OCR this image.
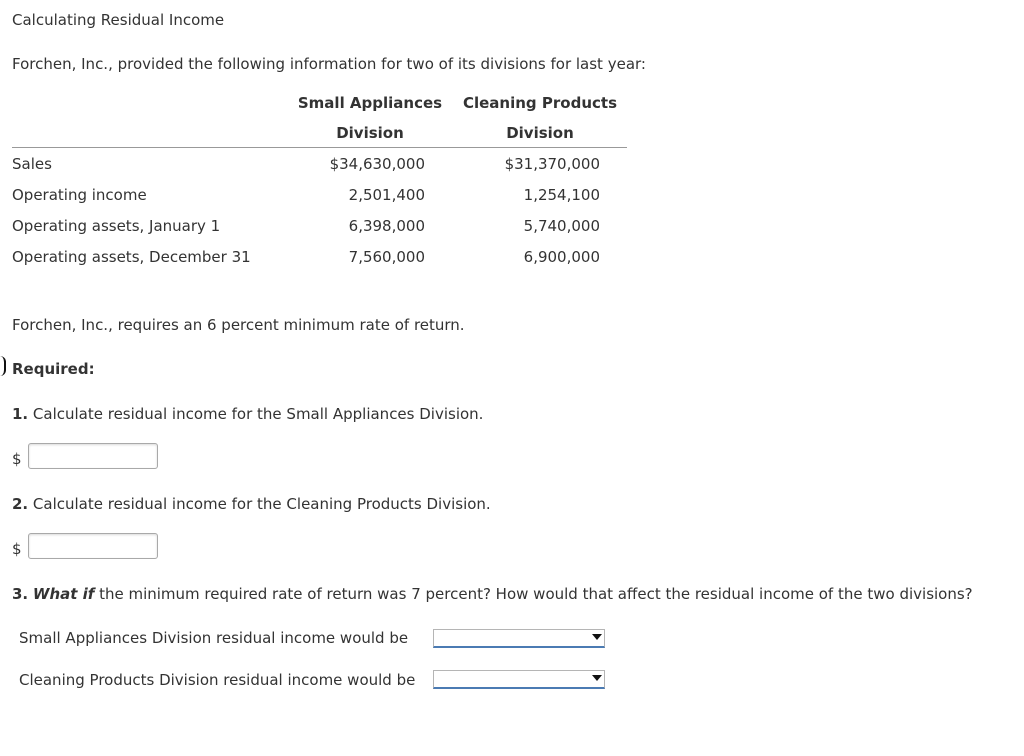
Calculating Residual Income
Forchen, Inc., provided the following information for two of its divisions for last year:
Small Appliances
Division
Cleaning Products
Division
Sales	$34,630,000	$31,370,000
Operating income	2,501,400	1,254,100
Operating assets, January 1	6,398,000	5,740,000
Operating assets, December 31	7,560,000	6,900,000
Forchen, Inc., requires an 6 percent minimum rate of return.
Required:
1. Calculate residual income for the Small Appliances Division.
$
2. Calculate residual income for the Cleaning Products Division.
$
3. What if the minimum required rate of return was 7 percent? How would that affect the residual income of the two divisions?
Small Appliances Division residual income would be
Cleaning Products Division residual income would be
